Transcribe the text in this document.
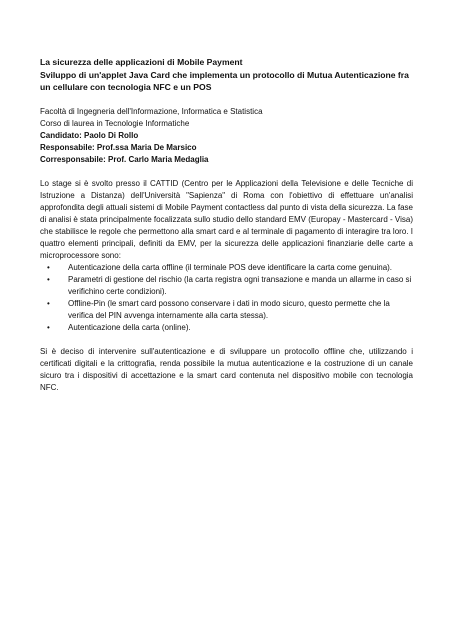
La sicurezza delle applicazioni di Mobile Payment
Sviluppo di un'applet Java Card che implementa un protocollo di Mutua Autenticazione fra un cellulare con tecnologia NFC e un POS

Facoltà di Ingegneria dell'Informazione, Informatica e Statistica
Corso di laurea in Tecnologie Informatiche
Candidato: Paolo Di Rollo
Responsabile: Prof.ssa Maria De Marsico
Corresponsabile: Prof. Carlo Maria Medaglia

Lo stage si è svolto presso il CATTID (Centro per le Applicazioni della Televisione e delle Tecniche di Istruzione a Distanza) dell'Università "Sapienza" di Roma con l'obiettivo di effettuare un'analisi approfondita degli attuali sistemi di Mobile Payment contactless dal punto di vista della sicurezza. La fase di analisi è stata principalmente focalizzata sullo studio dello standard EMV (Europay - Mastercard - Visa) che stabilisce le regole che permettono alla smart card e al terminale di pagamento di interagire tra loro. I quattro elementi principali, definiti da EMV, per la sicurezza delle applicazioni finanziarie delle carte a microprocessore sono:

• Autenticazione della carta offline (il terminale POS deve identificare la carta come genuina).
• Parametri di gestione del rischio (la carta registra ogni transazione e manda un allarme in caso si verifichino certe condizioni).
• Offline-Pin (le smart card possono conservare i dati in modo sicuro, questo permette che la verifica del PIN avvenga internamente alla carta stessa).
• Autenticazione della carta (online).

Si è deciso di intervenire sull'autenticazione e di sviluppare un protocollo offline che, utilizzando i certificati digitali e la crittografia, renda possibile la mutua autenticazione e la costruzione di un canale sicuro tra i dispositivi di accettazione e la smart card contenuta nel dispositivo mobile con tecnologia NFC.
